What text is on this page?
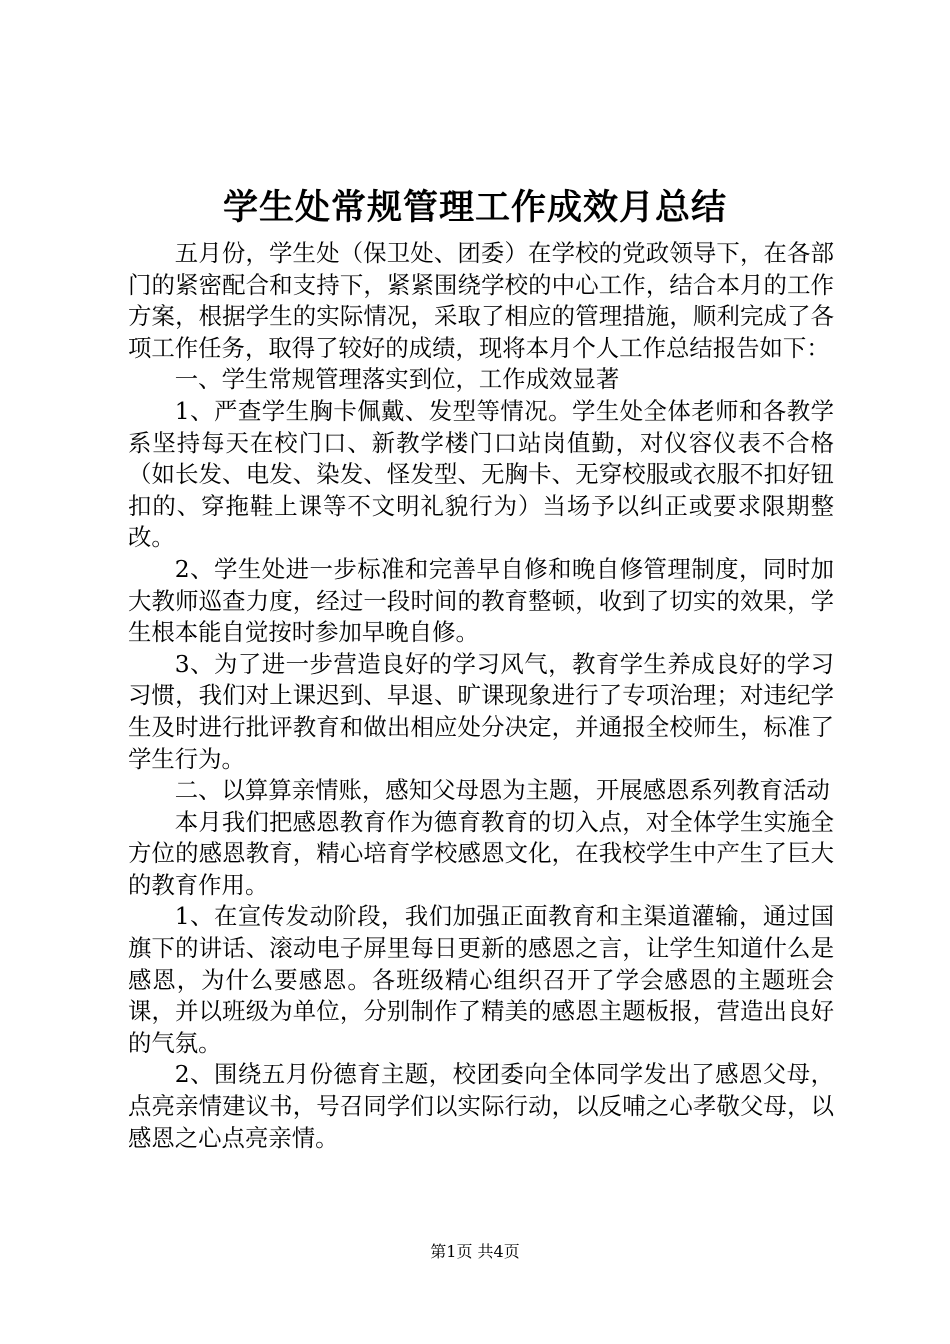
学生处常规管理工作成效月总结

五月份，学生处（保卫处、团委）在学校的党政领导下，在各部门的紧密配合和支持下，紧紧围绕学校的中心工作，结合本月的工作方案，根据学生的实际情况，采取了相应的管理措施，顺利完成了各项工作任务，取得了较好的成绩，现将本月个人工作总结报告如下：

一、学生常规管理落实到位，工作成效显著

1、严查学生胸卡佩戴、发型等情况。学生处全体老师和各教学系坚持每天在校门口、新教学楼门口站岗值勤，对仪容仪表不合格（如长发、电发、染发、怪发型、无胸卡、无穿校服或衣服不扣好钮扣的、穿拖鞋上课等不文明礼貌行为）当场予以纠正或要求限期整改。

2、学生处进一步标准和完善早自修和晚自修管理制度，同时加大教师巡查力度，经过一段时间的教育整顿，收到了切实的效果，学生根本能自觉按时参加早晚自修。

3、为了进一步营造良好的学习风气，教育学生养成良好的学习习惯，我们对上课迟到、早退、旷课现象进行了专项治理；对违纪学生及时进行批评教育和做出相应处分决定，并通报全校师生，标准了学生行为。

二、以算算亲情账，感知父母恩为主题，开展感恩系列教育活动

本月我们把感恩教育作为德育教育的切入点，对全体学生实施全方位的感恩教育，精心培育学校感恩文化，在我校学生中产生了巨大的教育作用。

1、在宣传发动阶段，我们加强正面教育和主渠道灌输，通过国旗下的讲话、滚动电子屏里每日更新的感恩之言，让学生知道什么是感恩，为什么要感恩。各班级精心组织召开了学会感恩的主题班会课，并以班级为单位，分别制作了精美的感恩主题板报，营造出良好的气氛。

2、围绕五月份德育主题，校团委向全体同学发出了感恩父母，点亮亲情建议书，号召同学们以实际行动，以反哺之心孝敬父母，以感恩之心点亮亲情。

第1页 共4页
